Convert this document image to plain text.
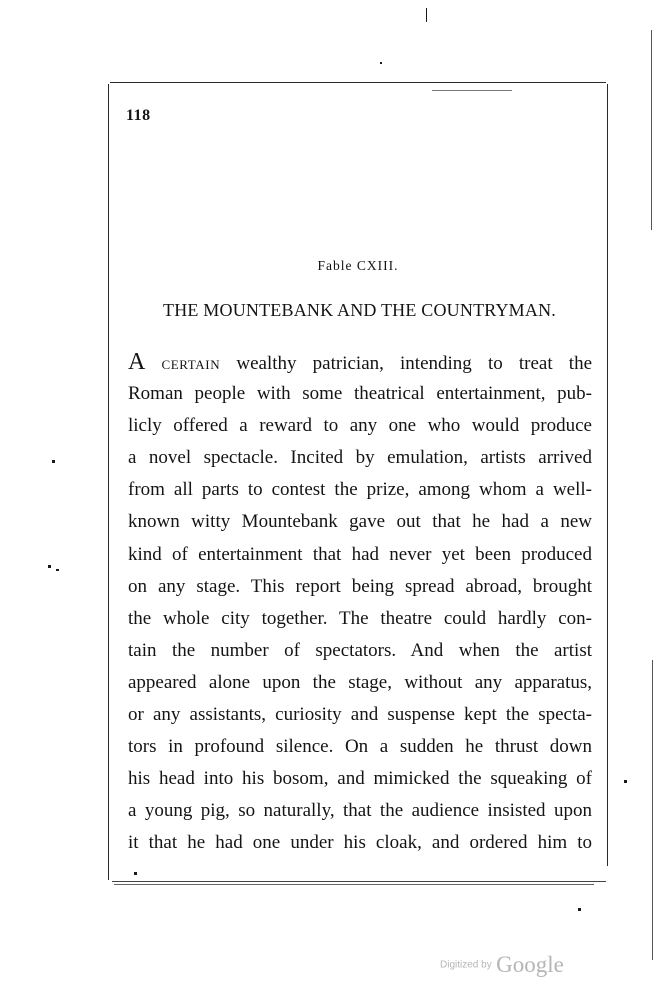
118
Fable CXIII.
THE MOUNTEBANK AND THE COUNTRYMAN.
A CERTAIN wealthy patrician, intending to treat the
Roman people with some theatrical entertainment, pub-
licly offered a reward to any one who would produce
a novel spectacle. Incited by emulation, artists arrived
from all parts to contest the prize, among whom a well-
known witty Mountebank gave out that he had a new
kind of entertainment that had never yet been produced
on any stage. This report being spread abroad, brought
the whole city together. The theatre could hardly con-
tain the number of spectators. And when the artist
appeared alone upon the stage, without any apparatus,
or any assistants, curiosity and suspense kept the specta-
tors in profound silence. On a sudden he thrust down
his head into his bosom, and mimicked the squeaking of
a young pig, so naturally, that the audience insisted upon
it that he had one under his cloak, and ordered him to
Digitized by Google
